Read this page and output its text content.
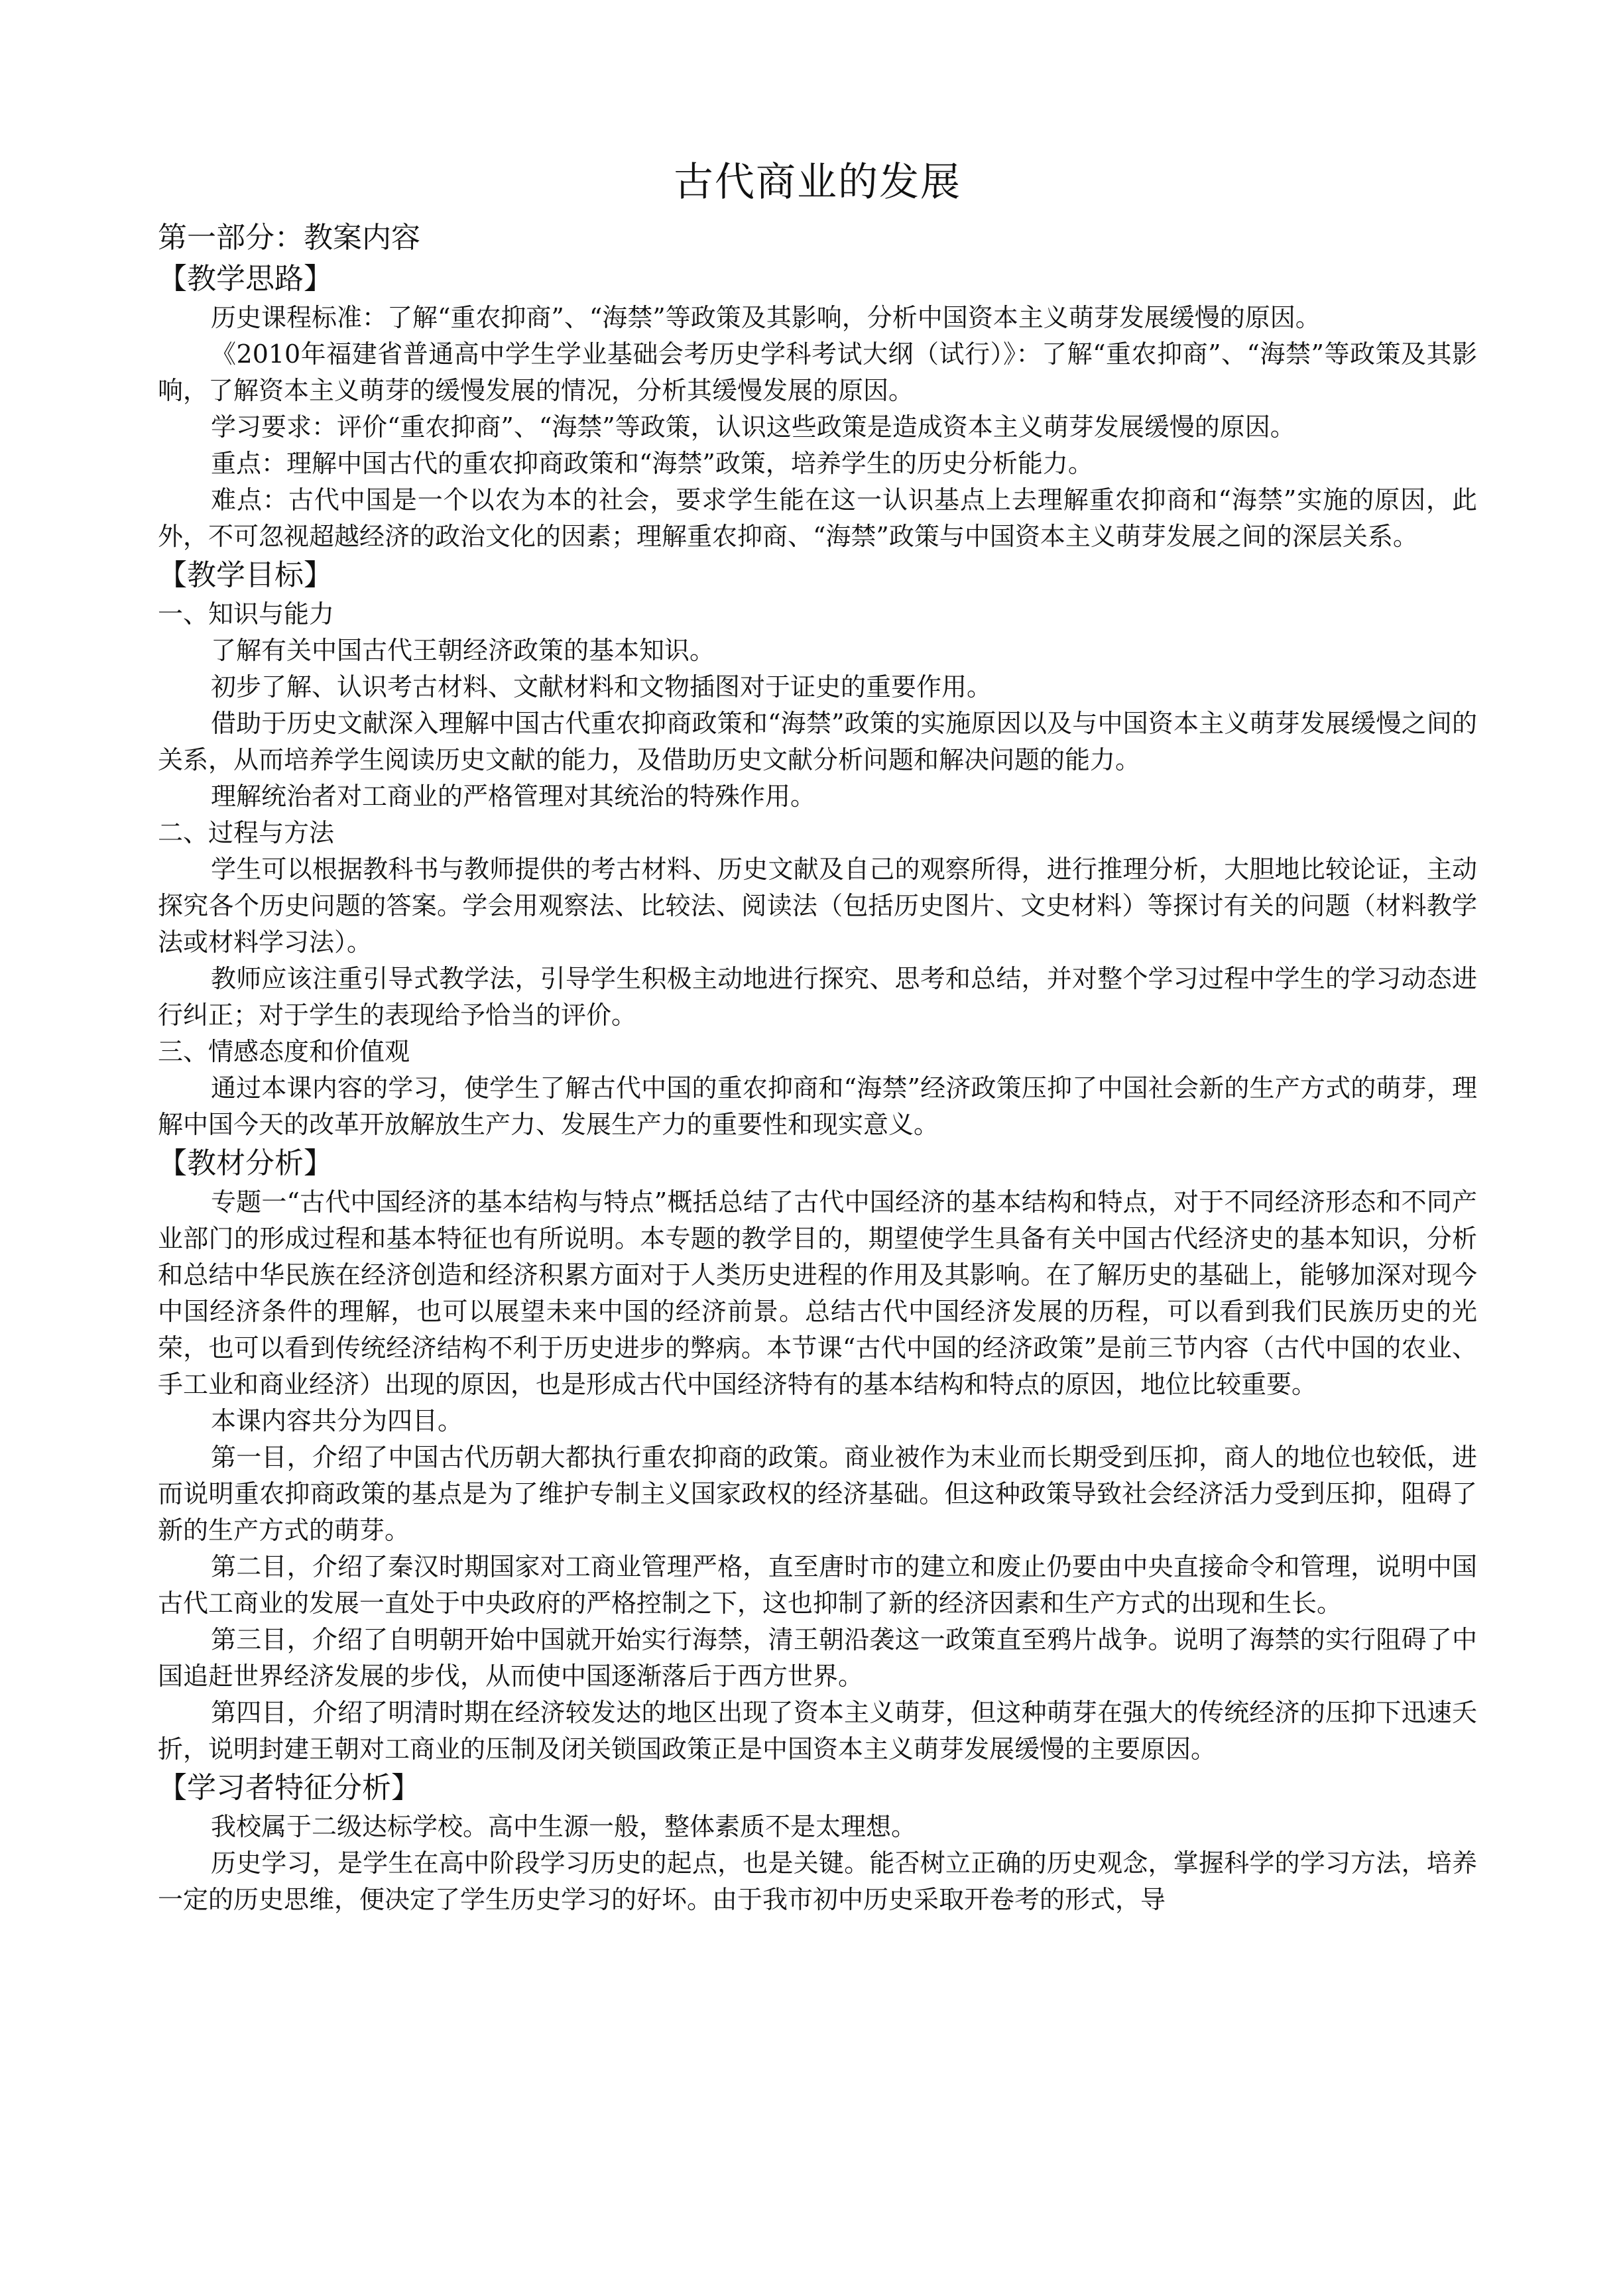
古代商业的发展
第一部分：教案内容
【教学思路】

历史课程标准：了解“重农抑商”、“海禁”等政策及其影响，分析中国资本主义萌芽发展缓慢的原因。

《2010年福建省普通高中学生学业基础会考历史学科考试大纲（试行）》：了解“重农抑商”、“海禁”等政策及其影响，了解资本主义萌芽的缓慢发展的情况，分析其缓慢发展的原因。

学习要求：评价“重农抑商”、“海禁”等政策，认识这些政策是造成资本主义萌芽发展缓慢的原因。

重点：理解中国古代的重农抑商政策和“海禁”政策，培养学生的历史分析能力。

难点：古代中国是一个以农为本的社会，要求学生能在这一认识基点上去理解重农抑商和“海禁”实施的原因，此外，不可忽视超越经济的政治文化的因素；理解重农抑商、“海禁”政策与中国资本主义萌芽发展之间的深层关系。

【教学目标】
一、知识与能力

了解有关中国古代王朝经济政策的基本知识。

初步了解、认识考古材料、文献材料和文物插图对于证史的重要作用。

借助于历史文献深入理解中国古代重农抑商政策和“海禁”政策的实施原因以及与中国资本主义萌芽发展缓慢之间的关系，从而培养学生阅读历史文献的能力，及借助历史文献分析问题和解决问题的能力。

理解统治者对工商业的严格管理对其统治的特殊作用。

二、过程与方法

学生可以根据教科书与教师提供的考古材料、历史文献及自己的观察所得，进行推理分析，大胆地比较论证，主动探究各个历史问题的答案。学会用观察法、比较法、阅读法（包括历史图片、文史材料）等探讨有关的问题（材料教学法或材料学习法）。

教师应该注重引导式教学法，引导学生积极主动地进行探究、思考和总结，并对整个学习过程中学生的学习动态进行纠正；对于学生的表现给予恰当的评价。

三、情感态度和价值观

通过本课内容的学习，使学生了解古代中国的重农抑商和“海禁”经济政策压抑了中国社会新的生产方式的萌芽，理解中国今天的改革开放解放生产力、发展生产力的重要性和现实意义。

【教材分析】

专题一“古代中国经济的基本结构与特点”概括总结了古代中国经济的基本结构和特点，对于不同经济形态和不同产业部门的形成过程和基本特征也有所说明。本专题的教学目的，期望使学生具备有关中国古代经济史的基本知识，分析和总结中华民族在经济创造和经济积累方面对于人类历史进程的作用及其影响。在了解历史的基础上，能够加深对现今中国经济条件的理解，也可以展望未来中国的经济前景。总结古代中国经济发展的历程，可以看到我们民族历史的光荣，也可以看到传统经济结构不利于历史进步的弊病。本节课“古代中国的经济政策”是前三节内容（古代中国的农业、手工业和商业经济）出现的原因，也是形成古代中国经济特有的基本结构和特点的原因，地位比较重要。

本课内容共分为四目。

第一目，介绍了中国古代历朝大都执行重农抑商的政策。商业被作为末业而长期受到压抑，商人的地位也较低，进而说明重农抑商政策的基点是为了维护专制主义国家政权的经济基础。但这种政策导致社会经济活力受到压抑，阻碍了新的生产方式的萌芽。

第二目，介绍了秦汉时期国家对工商业管理严格，直至唐时市的建立和废止仍要由中央直接命令和管理，说明中国古代工商业的发展一直处于中央政府的严格控制之下，这也抑制了新的经济因素和生产方式的出现和生长。

第三目，介绍了自明朝开始中国就开始实行海禁，清王朝沿袭这一政策直至鸦片战争。说明了海禁的实行阻碍了中国追赶世界经济发展的步伐，从而使中国逐渐落后于西方世界。

第四目，介绍了明清时期在经济较发达的地区出现了资本主义萌芽，但这种萌芽在强大的传统经济的压抑下迅速夭折，说明封建王朝对工商业的压制及闭关锁国政策正是中国资本主义萌芽发展缓慢的主要原因。

【学习者特征分析】

我校属于二级达标学校。高中生源一般，整体素质不是太理想。

历史学习，是学生在高中阶段学习历史的起点，也是关键。能否树立正确的历史观念，掌握科学的学习方法，培养一定的历史思维，便决定了学生历史学习的好坏。由于我市初中历史采取开卷考的形式，导
